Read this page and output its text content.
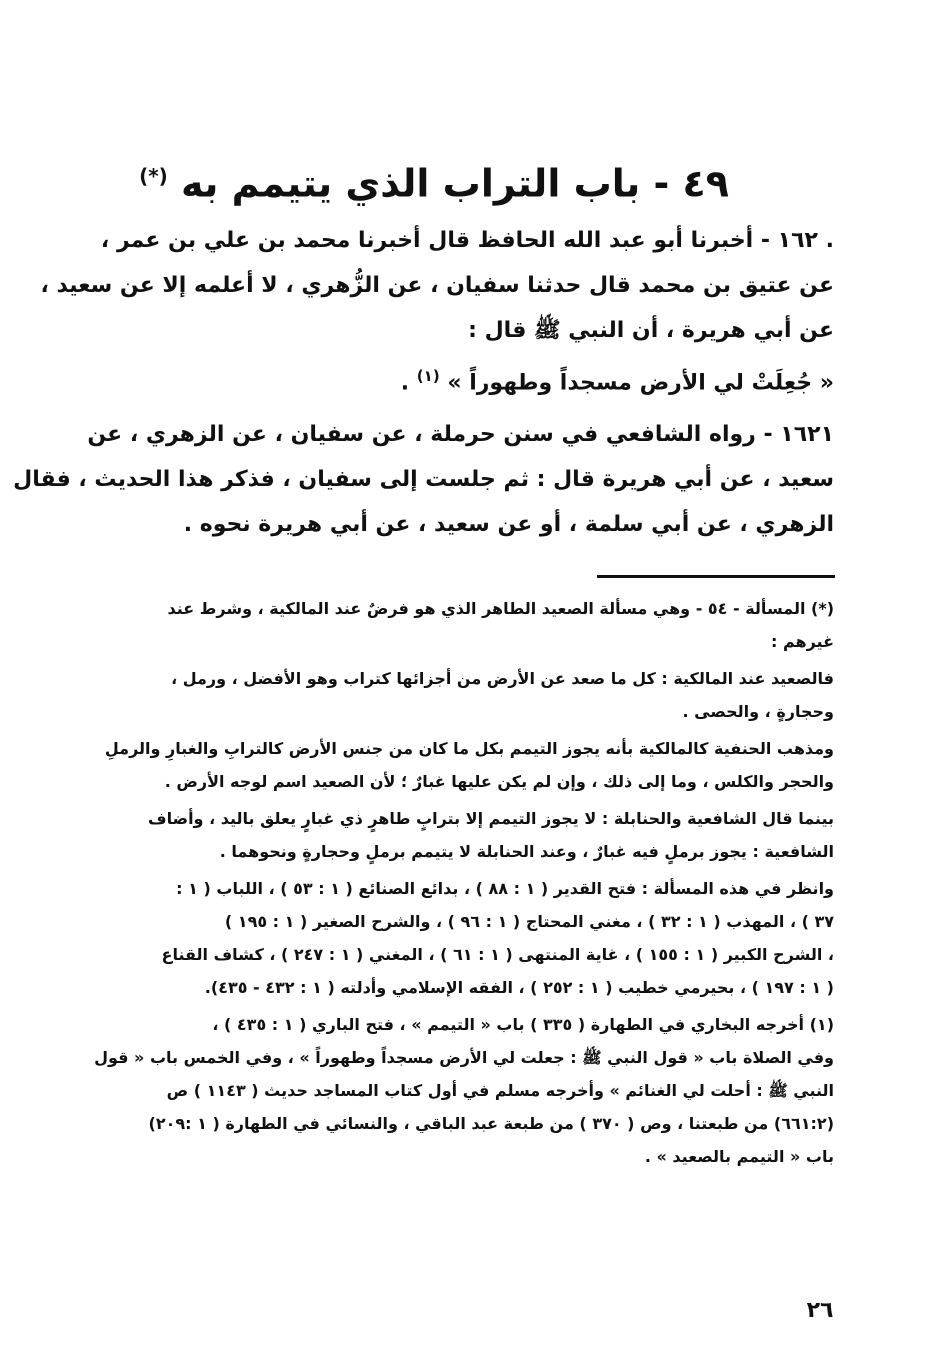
٤٩ - باب التراب الذي يتيمم به (*)
. ١٦٢ - أخبرنا أبو عبد الله الحافظ قال أخبرنا محمد بن علي بن عمر ،
عن عتيق بن محمد قال حدثنا سفيان ، عن الزُّهري ، لا أعلمه إلا عن سعيد ،
عن أبي هريرة ، أن النبي ﷺ قال :
« جُعِلَتْ لي الأرض مسجداً وطهوراً » $^{(١)}$ .
١٦٢١ - رواه الشافعي في سنن حرملة ، عن سفيان ، عن الزهري ، عن
سعيد ، عن أبي هريرة قال : ثم جلست إلى سفيان ، فذكر هذا الحديث ، فقال
الزهري ، عن أبي سلمة ، أو عن سعيد ، عن أبي هريرة نحوه .
(*) المسألة - ٥٤ - وهي مسألة الصعيد الطاهر الذي هو فرضٌ عند المالكية ، وشرط عند
غيرهم :
فالصعيد عند المالكية : كل ما صعد عن الأرض من أجزائها كتراب وهو الأفضل ، ورمل ،
وحجارةٍ ، والحصى .
ومذهب الحنفية كالمالكية بأنه يجوز التيمم بكل ما كان من جنس الأرض كالترابِ والغبارِ والرملِ
والحجر والكلس ، وما إلى ذلك ، وإن لم يكن عليها غبارٌ ؛ لأن الصعيد اسم لوجه الأرض .
بينما قال الشافعية والحنابلة : لا يجوز التيمم إلا بترابٍ طاهرٍ ذي غبارٍ يعلق باليد ، وأضاف
الشافعية : يجوز برملٍ فيه غبارٌ ، وعند الحنابلة لا يتيمم برملٍ وحجارةٍ ونحوهما .
وانظر في هذه المسألة : فتح القدير ( ١ : ٨٨ ) ، بدائع الصنائع ( ١ : ٥٣ ) ، اللباب ( ١ :
٣٧ ) ، المهذب ( ١ : ٣٢ ) ، مغني المحتاج ( ١ : ٩٦ ) ، والشرح الصغير ( ١ : ١٩٥ )
، الشرح الكبير ( ١ : ١٥٥ ) ، غاية المنتهى ( ١ : ٦١ ) ، المغني ( ١ : ٢٤٧ ) ، كشاف القناع
( ١ : ١٩٧ ) ، بحيرمي خطيب ( ١ : ٢٥٢ ) ، الفقه الإسلامي وأدلته ( ١ : ٤٣٢ - ٤٣٥).
(١) أخرجه البخاري في الطهارة ( ٣٣٥ ) باب « التيمم » ، فتح الباري ( ١ : ٤٣٥ ) ،
وفي الصلاة باب « قول النبي ﷺ : جعلت لي الأرض مسجداً وطهوراً » ، وفي الخمس باب « قول
النبي ﷺ : أحلت لي الغنائم » وأخرجه مسلم في أول كتاب المساجد حديث ( ١١٤٣ ) ص
(٦٦١:٢) من طبعتنا ، وص ( ٣٧٠ ) من طبعة عبد الباقي ، والنسائي في الطهارة ( ١ :٢٠٩)
باب « التيمم بالصعيد » .
٢٦
